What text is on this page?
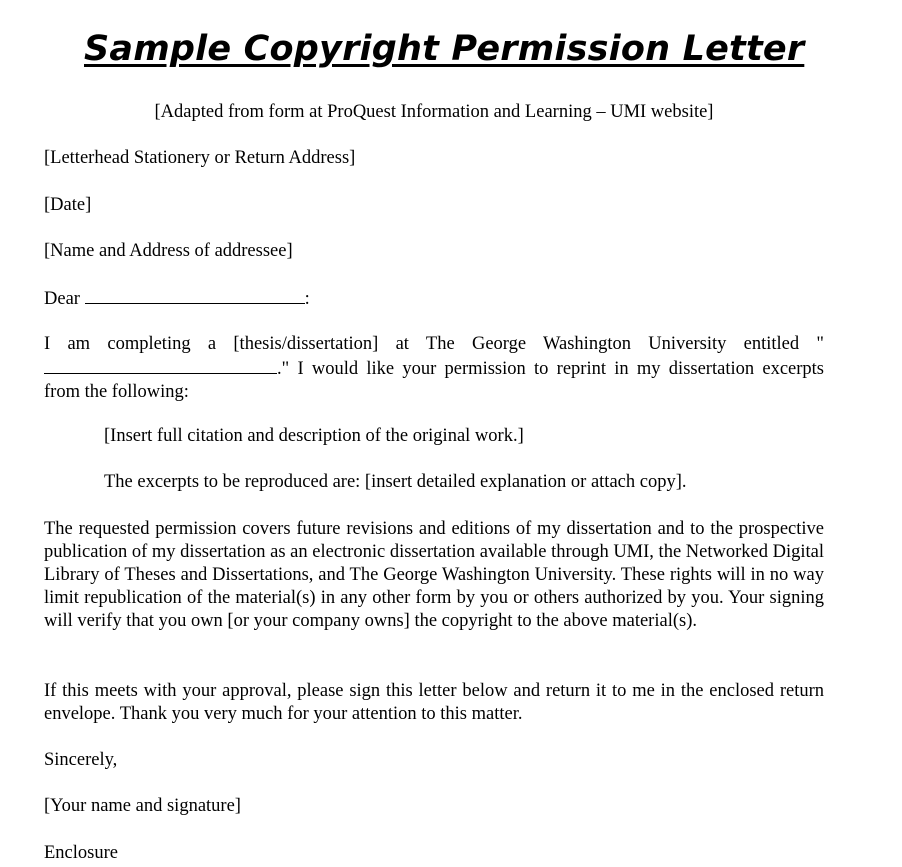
Sample Copyright Permission Letter

[Adapted from form at ProQuest Information and Learning – UMI website]

[Letterhead Stationery or Return Address]

[Date]

[Name and Address of addressee]

Dear	:

I am completing a [thesis/dissertation] at The George Washington University entitled "." I would like your permission to reprint in my dissertation excerpts from the following:

[Insert full citation and description of the original work.]

The excerpts to be reproduced are: [insert detailed explanation or attach copy].

The requested permission covers future revisions and editions of my dissertation and to the prospective publication of my dissertation as an electronic dissertation available through UMI, the Networked Digital Library of Theses and Dissertations, and The George Washington University. These rights will in no way limit republication of the material(s) in any other form by you or others authorized by you. Your signing will verify that you own [or your company owns] the copyright to the above material(s).

If this meets with your approval, please sign this letter below and return it to me in the enclosed return envelope. Thank you very much for your attention to this matter.

Sincerely,

[Your name and signature]

Enclosure
